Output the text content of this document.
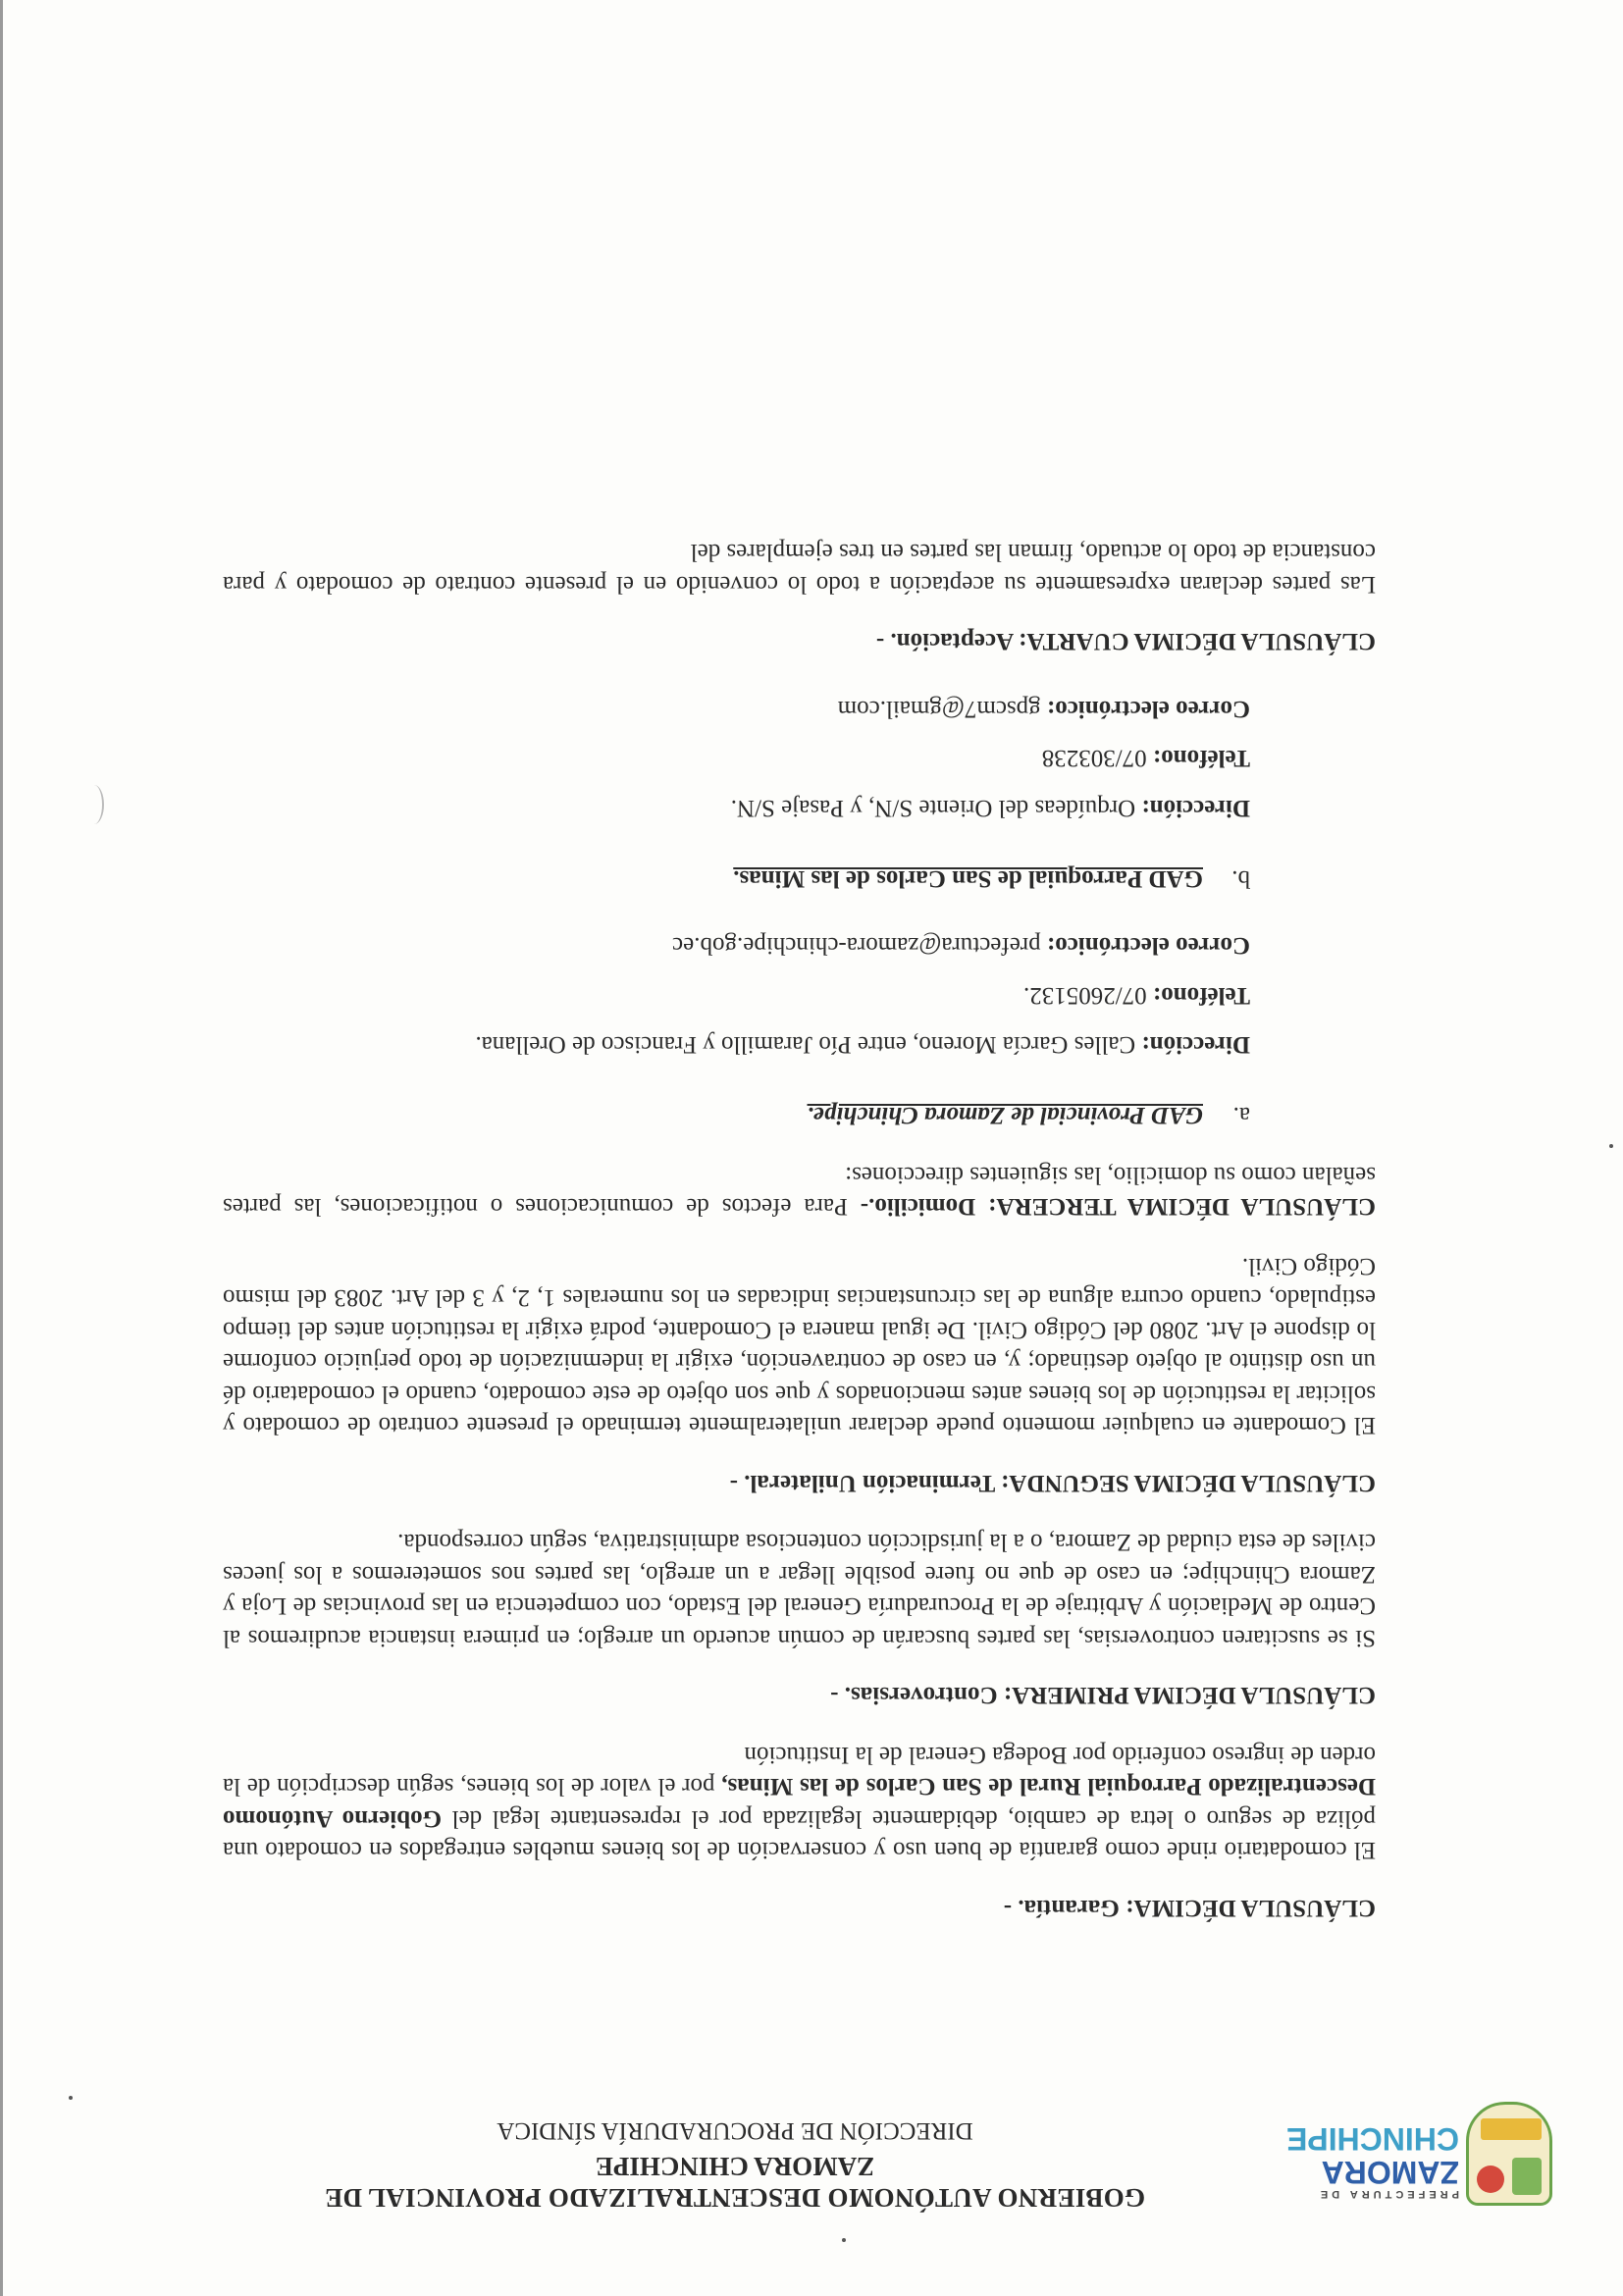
PREFECTURA DE
ZAMORA
CHINCHIPE
GOBIERNO AUTÓNOMO DESCENTRALIZADO PROVINCIAL DE
ZAMORA CHINCHIPE
DIRECCIÓN DE PROCURADURÍA SÍNDICA

CLÁUSULA DÉCIMA: Garantía. -

El comodatario rinde como garantía de buen uso y conservación de los bienes muebles entregados en comodato una póliza de seguro o letra de cambio, debidamente legalizada por el representante legal del Gobierno Autónomo Descentralizado Parroquial Rural de San Carlos de las Minas, por el valor de los bienes, según descripción de la orden de ingreso conferido por Bodega General de la Institución

CLÁUSULA DÉCIMA PRIMERA: Controversias. -

Si se suscitaren controversias, las partes buscarán de común acuerdo un arreglo; en primera instancia acudiremos al Centro de Mediación y Arbitraje de la Procuraduría General del Estado, con competencia en las provincias de Loja y Zamora Chinchipe; en caso de que no fuere posible llegar a un arreglo, las partes nos someteremos a los jueces civiles de esta ciudad de Zamora, o a la jurisdicción contenciosa administrativa, según corresponda.

CLÁUSULA DÉCIMA SEGUNDA: Terminación Unilateral. -

El Comodante en cualquier momento puede declarar unilateralmente terminado el presente contrato de comodato y solicitar la restitución de los bienes antes mencionados y que son objeto de este comodato, cuando el comodatario dé un uso distinto al objeto destinado; y, en caso de contravención, exigir la indemnización de todo perjuicio conforme lo dispone el Art. 2080 del Código Civil. De igual manera el Comodante, podrá exigir la restitución antes del tiempo estipulado, cuando ocurra alguna de las circunstancias indicadas en los numerales 1, 2, y 3 del Art. 2083 del mismo Código Civil.

CLÁUSULA DÉCIMA TERCERA: Domicilio.- Para efectos de comunicaciones o notificaciones, las partes señalan como su domicilio, las siguientes direcciones:

a.
GAD Provincial de Zamora Chinchipe.

Dirección: Calles García Moreno, entre Pío Jaramillo y Francisco de Orellana.

Teléfono: 07/2605132.

Correo electrónico: prefectura@zamora-chinchipe.gob.ec

b.
GAD Parroquial de San Carlos de las Minas.

Dirección: Orquídeas del Oriente S/N, y Pasaje S/N.

Teléfono: 07/303238

Correo electrónico: gpscm7@gmail.com

CLÁUSULA DÉCIMA CUARTA: Aceptación. -

Las partes declaran expresamente su aceptación a todo lo convenido en el presente contrato de comodato y para constancia de todo lo actuado, firman las partes en tres ejemplares del
